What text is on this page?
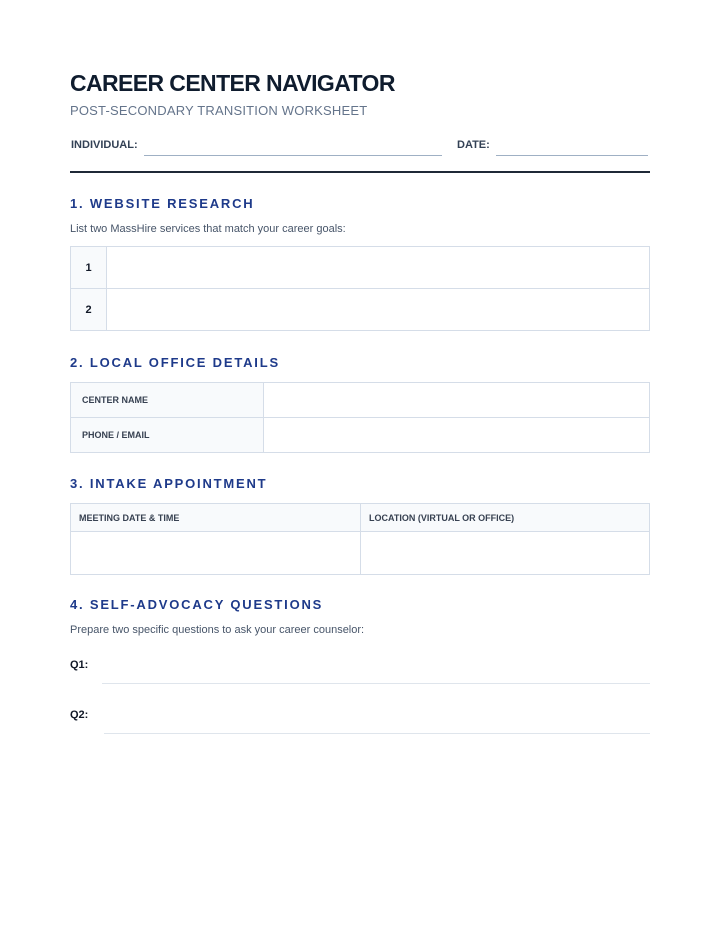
CAREER CENTER NAVIGATOR
POST-SECONDARY TRANSITION WORKSHEET
INDIVIDUAL:	DATE:
1. WEBSITE RESEARCH
List two MassHire services that match your career goals:
1	
2	
2. LOCAL OFFICE DETAILS
CENTER NAME	
PHONE / EMAIL	
3. INTAKE APPOINTMENT
MEETING DATE & TIME	LOCATION (VIRTUAL OR OFFICE)

4. SELF-ADVOCACY QUESTIONS
Prepare two specific questions to ask your career counselor:
Q1:
Q2:
